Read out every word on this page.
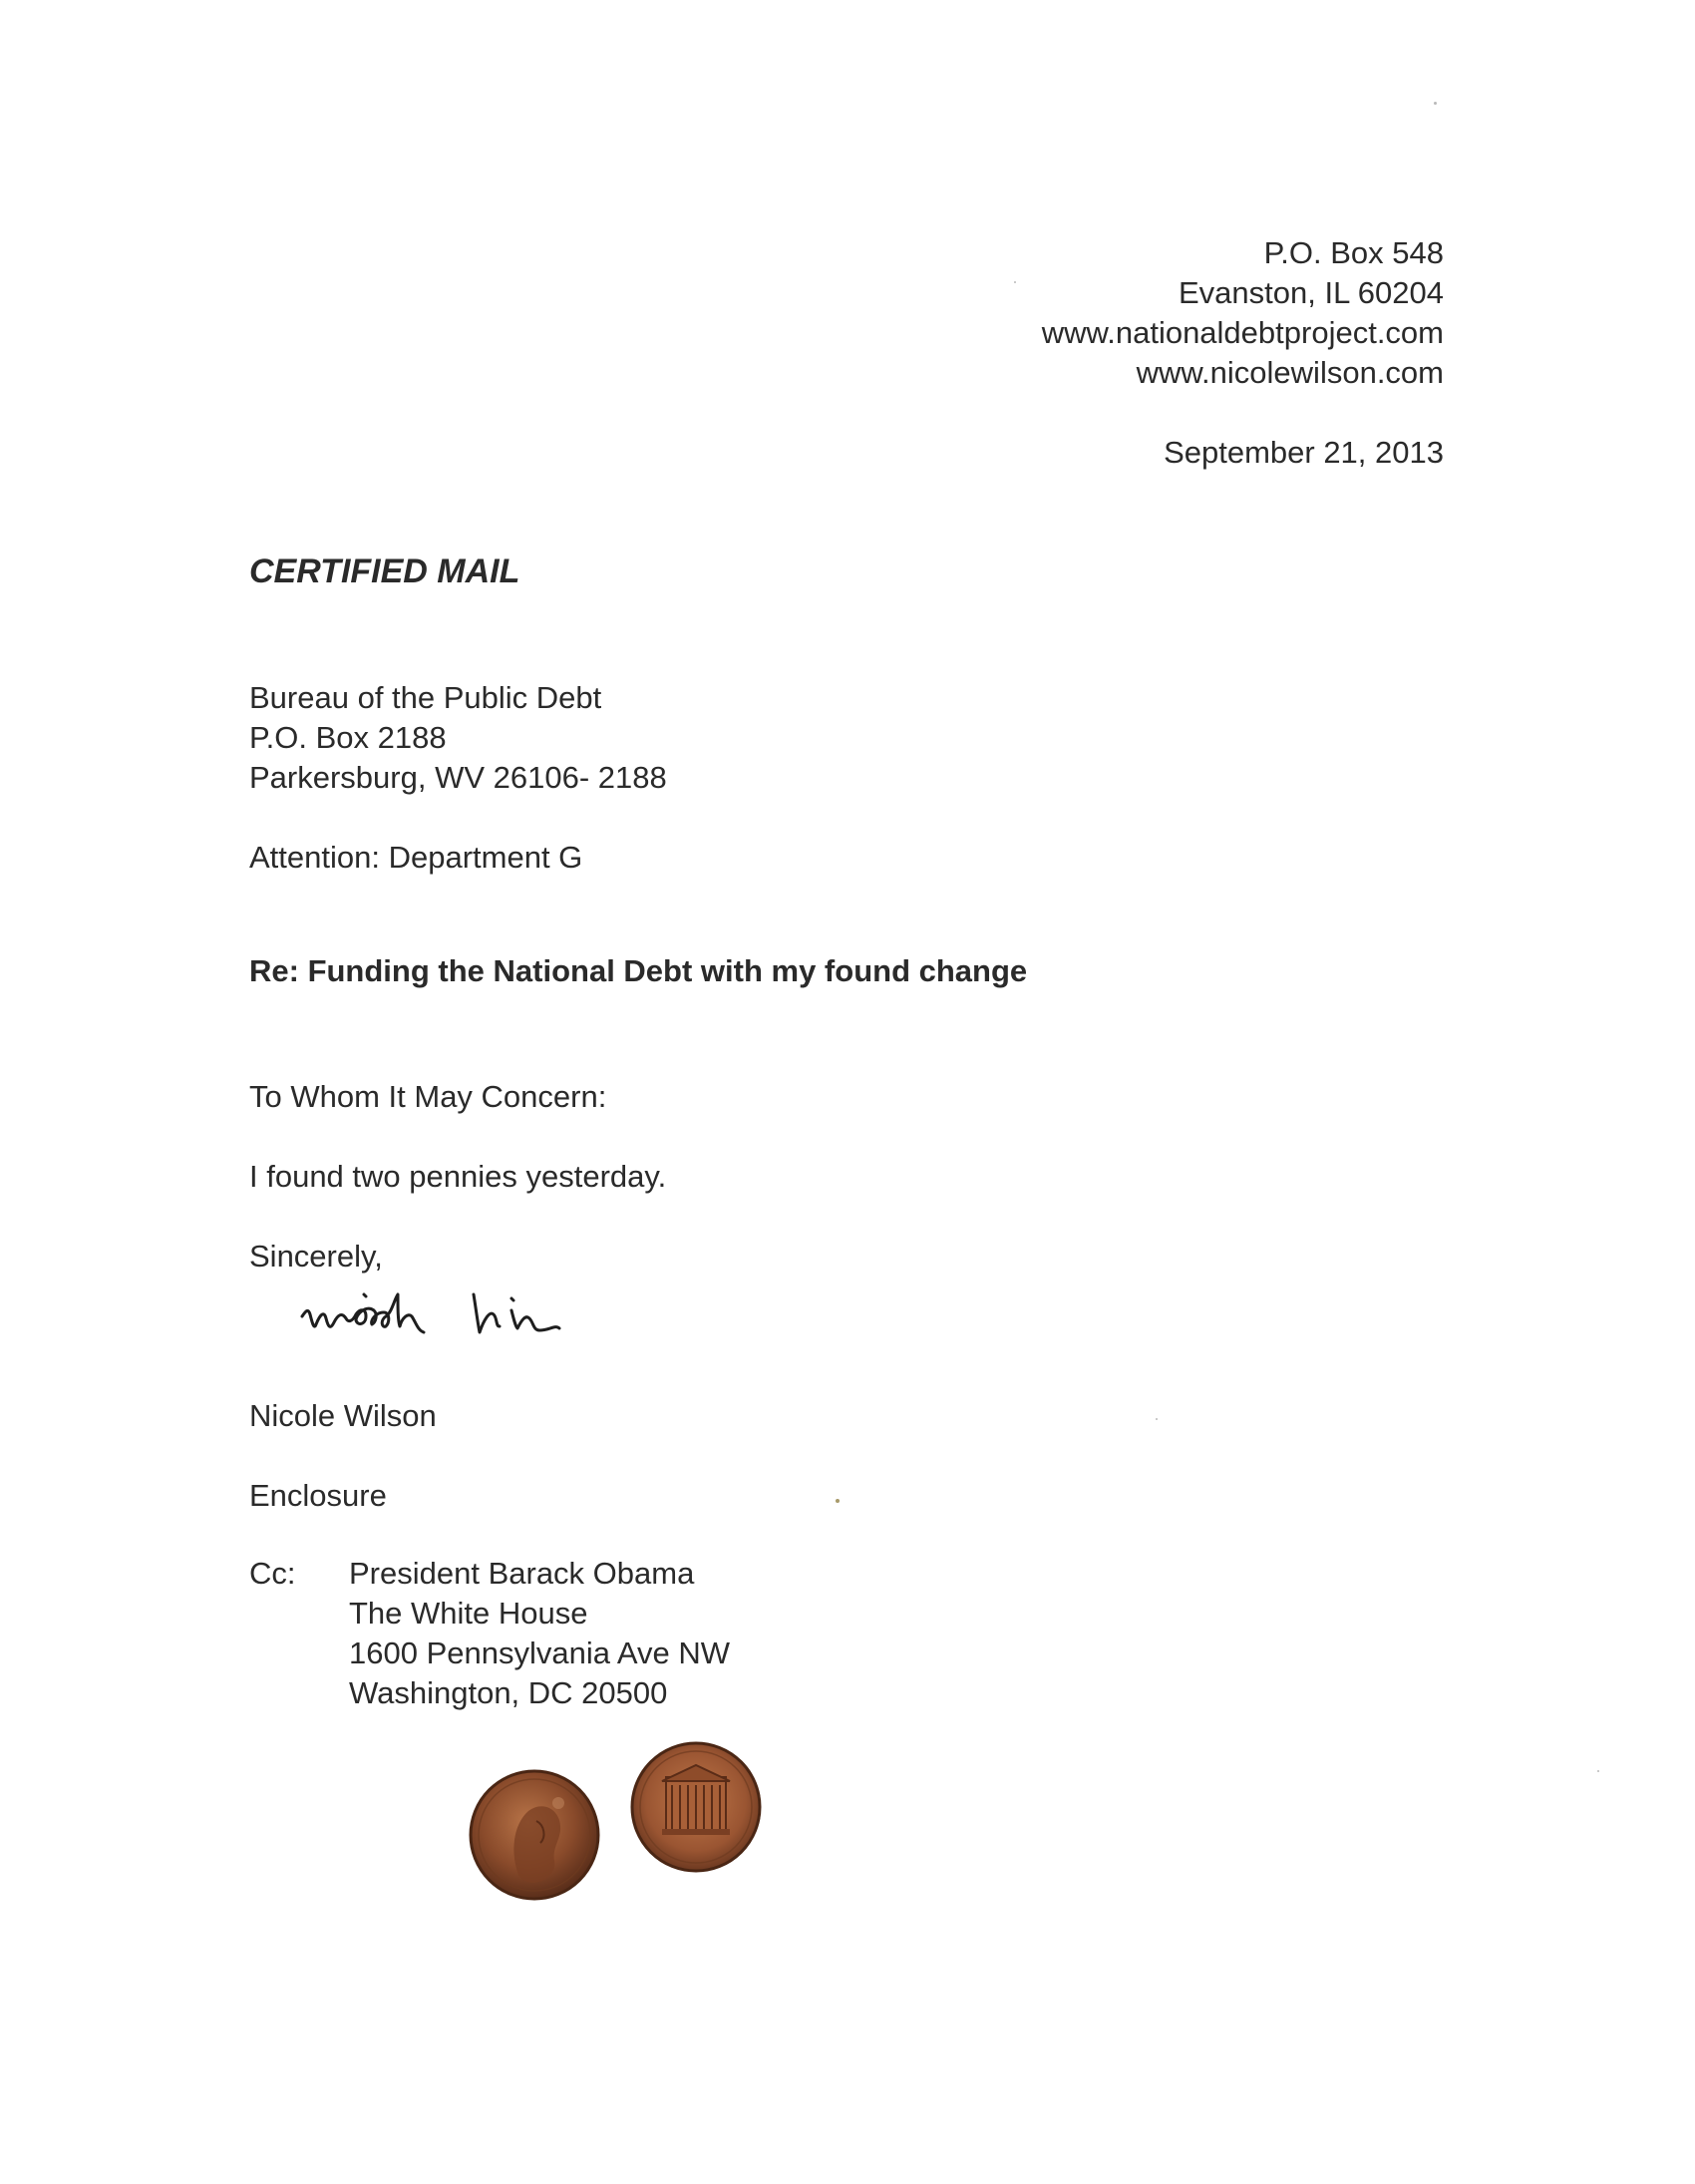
P.O. Box 548
Evanston, IL 60204
www.nationaldebtproject.com
www.nicolewilson.com
September 21, 2013
CERTIFIED MAIL
Bureau of the Public Debt
P.O. Box 2188
Parkersburg, WV 26106- 2188
Attention: Department G
Re: Funding the National Debt with my found change
To Whom It May Concern:
I found two pennies yesterday.
Sincerely,
Nicole Wilson
Enclosure
Cc: President Barack Obama
The White House
1600 Pennsylvania Ave NW
Washington, DC 20500
